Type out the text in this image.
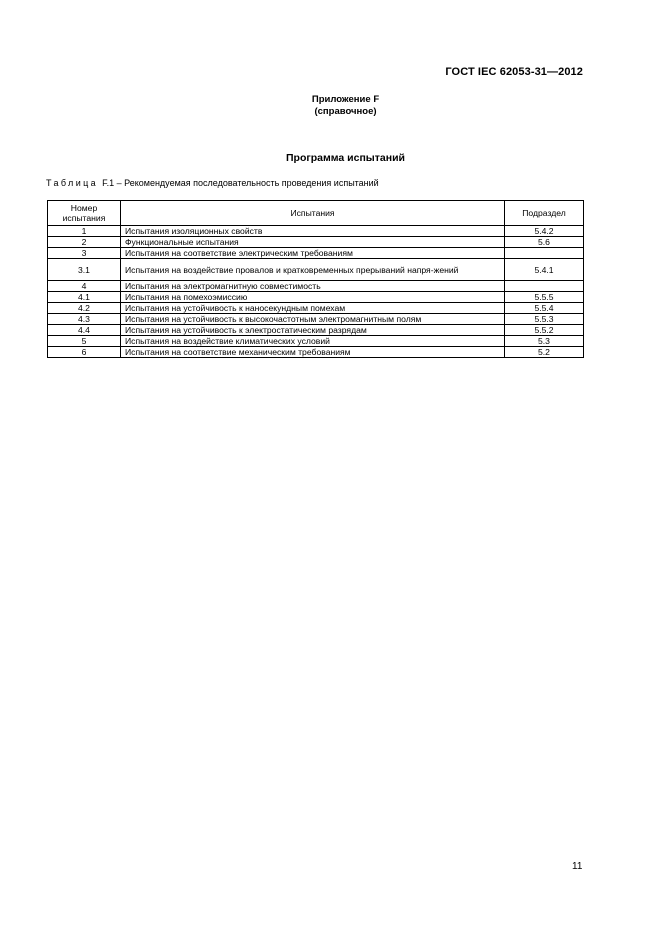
ГОСТ IEC 62053-31—2012
Приложение F
(справочное)
Программа испытаний
Таблица F.1 – Рекомендуемая последовательность проведения испытаний
Номер испытания	Испытания	Подраздел
1	Испытания изоляционных свойств	5.4.2
2	Функциональные испытания	5.6
3	Испытания на соответствие электрическим требованиям	
3.1	Испытания на воздействие провалов и кратковременных прерываний напря-жений	5.4.1
4	Испытания на электромагнитную совместимость	
4.1	Испытания на помехоэмиссию	5.5.5
4.2	Испытания на устойчивость к наносекундным помехам	5.5.4
4.3	Испытания на устойчивость к высокочастотным электромагнитным полям	5.5.3
4.4	Испытания на устойчивость к электростатическим разрядам	5.5.2
5	Испытания на воздействие климатических условий	5.3
6	Испытания на соответствие механическим требованиям	5.2
11
